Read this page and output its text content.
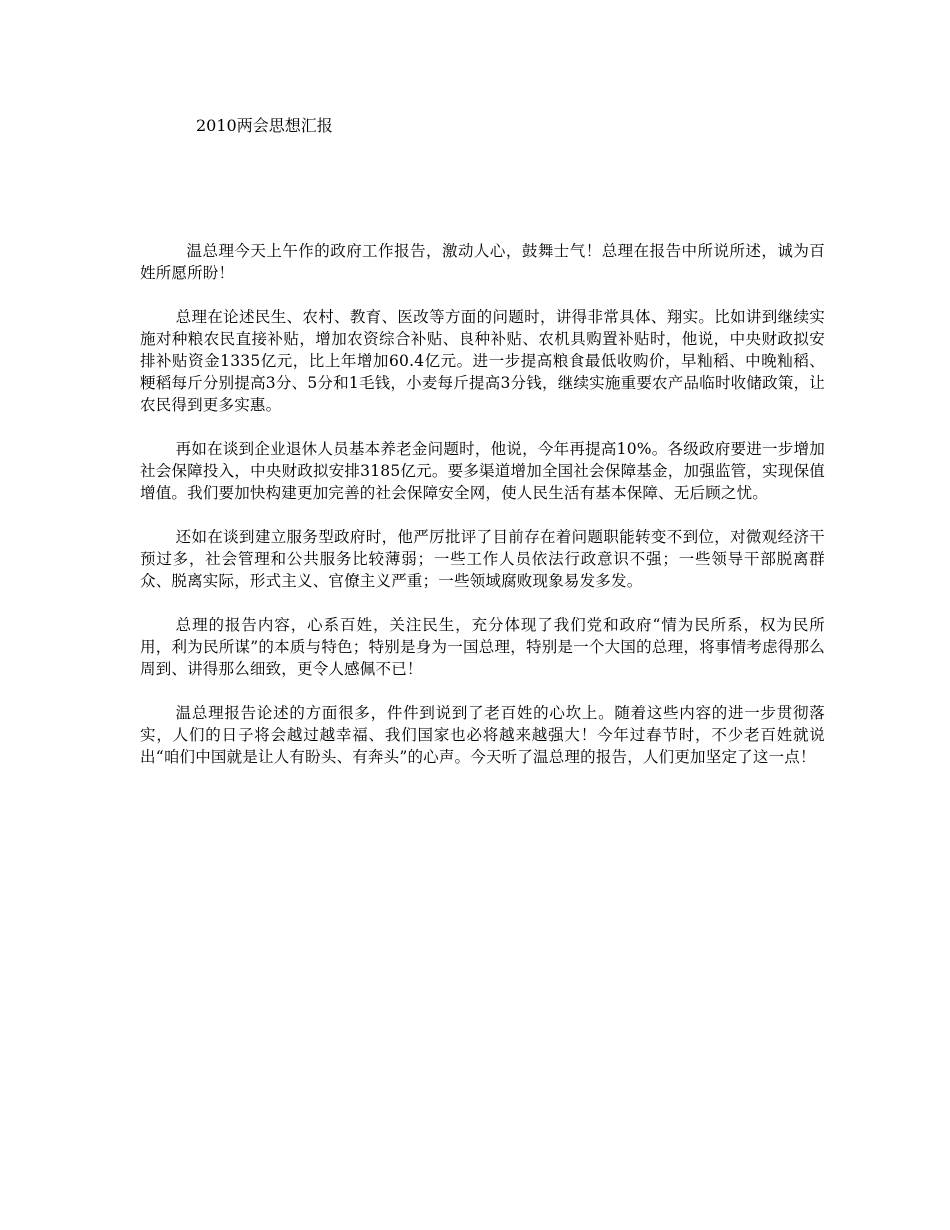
2010两会思想汇报

温总理今天上午作的政府工作报告，激动人心，鼓舞士气！总理在报告中所说所述，诚为百姓所愿所盼！

总理在论述民生、农村、教育、医改等方面的问题时，讲得非常具体、翔实。比如讲到继续实施对种粮农民直接补贴，增加农资综合补贴、良种补贴、农机具购置补贴时，他说，中央财政拟安排补贴资金1335亿元，比上年增加60.4亿元。进一步提高粮食最低收购价，早籼稻、中晚籼稻、粳稻每斤分别提高3分、5分和1毛钱，小麦每斤提高3分钱，继续实施重要农产品临时收储政策，让农民得到更多实惠。

再如在谈到企业退休人员基本养老金问题时，他说，今年再提高10%。各级政府要进一步增加社会保障投入，中央财政拟安排3185亿元。要多渠道增加全国社会保障基金，加强监管，实现保值增值。我们要加快构建更加完善的社会保障安全网，使人民生活有基本保障、无后顾之忧。

还如在谈到建立服务型政府时，他严厉批评了目前存在着问题职能转变不到位，对微观经济干预过多，社会管理和公共服务比较薄弱；一些工作人员依法行政意识不强；一些领导干部脱离群众、脱离实际，形式主义、官僚主义严重；一些领域腐败现象易发多发。

总理的报告内容，心系百姓，关注民生，充分体现了我们党和政府“情为民所系，权为民所用，利为民所谋”的本质与特色；特别是身为一国总理，特别是一个大国的总理，将事情考虑得那么周到、讲得那么细致，更令人感佩不已！

温总理报告论述的方面很多，件件到说到了老百姓的心坎上。随着这些内容的进一步贯彻落实，人们的日子将会越过越幸福、我们国家也必将越来越强大！今年过春节时，不少老百姓就说出“咱们中国就是让人有盼头、有奔头”的心声。今天听了温总理的报告，人们更加坚定了这一点！
